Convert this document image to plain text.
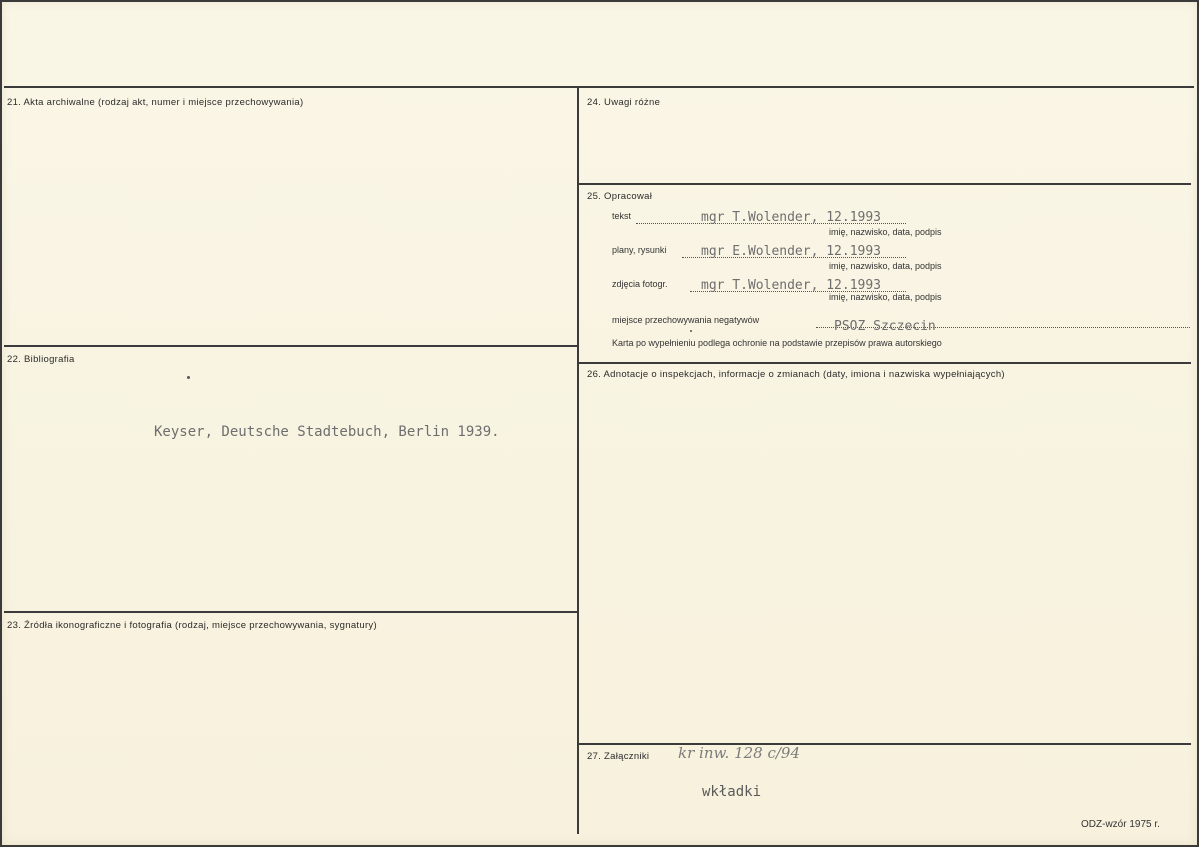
21. Akta archiwalne (rodzaj akt, numer i miejsce przechowywania)
22. Bibliografia
Keyser, Deutsche Stadtebuch, Berlin 1939.
23. Źródła ikonograficzne i fotografia (rodzaj, miejsce przechowywania, sygnatury)
24. Uwagi różne
25. Opracował
tekst	mgr T.Wolender, 12.1993
imię, nazwisko, data, podpis
plany, rysunki	mgr E.Wolender, 12.1993
imię, nazwisko, data, podpis
zdjęcia fotogr.	mgr T.Wolender, 12.1993
imię, nazwisko, data, podpis
miejsce przechowywania negatywów	PSOZ Szczecin
Karta po wypełnieniu podlega ochronie na podstawie przepisów prawa autorskiego
26. Adnotacje o inspekcjach, informacje o zmianach (daty, imiona i nazwiska wypełniających)
27. Załączniki kr inw. 128 c/94
wkładki
ODZ-wzór 1975 r.
